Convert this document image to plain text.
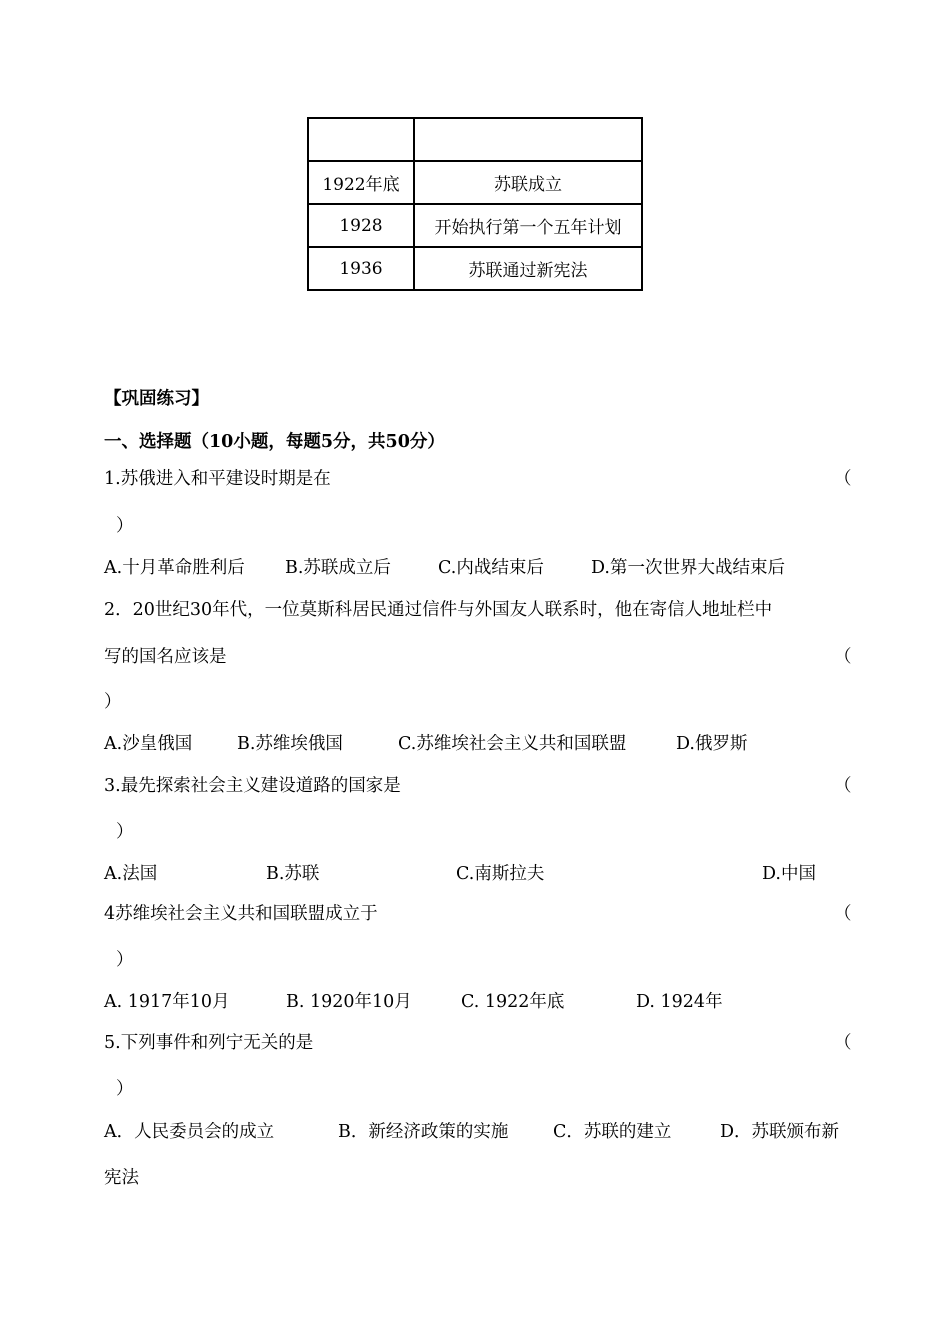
1922年底	苏联成立
1928	开始执行第一个五年计划
1936	苏联通过新宪法
【巩固练习】
一、选择题（10小题，每题5分，共50分）
1.苏俄进入和平建设时期是在	（
）
A.十月革命胜利后 B.苏联成立后	C.内战结束后	D.第一次世界大战结束后
2．20世纪30年代，一位莫斯科居民通过信件与外国友人联系时，他在寄信人地址栏中
写的国名应该是	（
）
A.沙皇俄国	B.苏维埃俄国	C.苏维埃社会主义共和国联盟	D.俄罗斯
3.最先探索社会主义建设道路的国家是	（
）
A.法国	B.苏联	C.南斯拉夫	D.中国
4苏维埃社会主义共和国联盟成立于	（
）
A. 1917年10月	B. 1920年10月	C. 1922年底	D. 1924年
5.下列事件和列宁无关的是	（
）
A．人民委员会的成立	B．新经济政策的实施	C．苏联的建立	D．苏联颁布新
宪法
